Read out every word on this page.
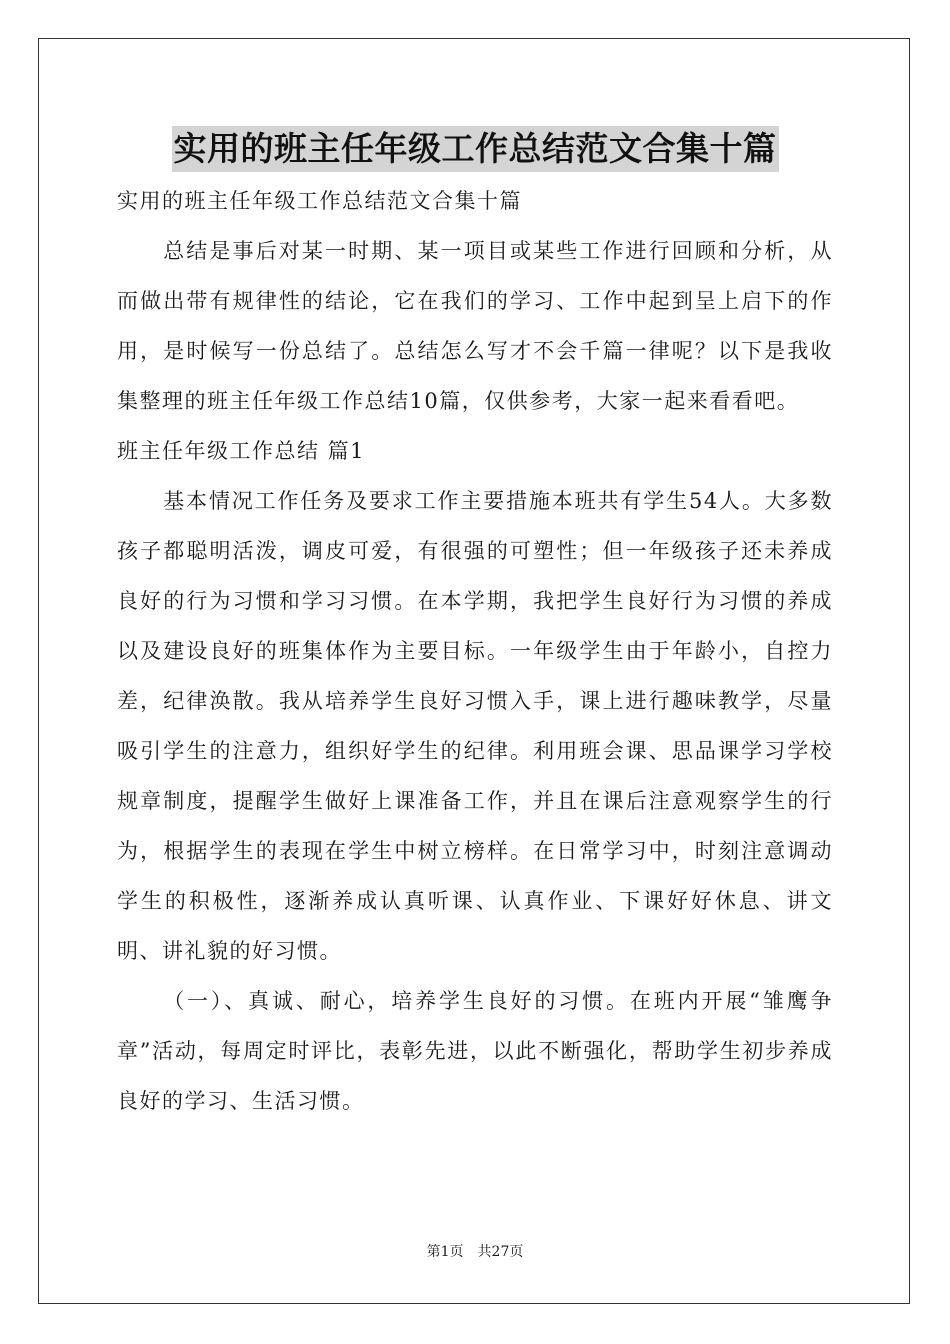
实用的班主任年级工作总结范文合集十篇

实用的班主任年级工作总结范文合集十篇

总结是事后对某一时期、某一项目或某些工作进行回顾和分析，从而做出带有规律性的结论，它在我们的学习、工作中起到呈上启下的作用，是时候写一份总结了。总结怎么写才不会千篇一律呢？以下是我收集整理的班主任年级工作总结10篇，仅供参考，大家一起来看看吧。

班主任年级工作总结 篇1

基本情况工作任务及要求工作主要措施本班共有学生54人。大多数孩子都聪明活泼，调皮可爱，有很强的可塑性；但一年级孩子还未养成良好的行为习惯和学习习惯。在本学期，我把学生良好行为习惯的养成以及建设良好的班集体作为主要目标。一年级学生由于年龄小，自控力差，纪律涣散。我从培养学生良好习惯入手，课上进行趣味教学，尽量吸引学生的注意力，组织好学生的纪律。利用班会课、思品课学习学校规章制度，提醒学生做好上课准备工作，并且在课后注意观察学生的行为，根据学生的表现在学生中树立榜样。在日常学习中，时刻注意调动学生的积极性，逐渐养成认真听课、认真作业、下课好好休息、讲文明、讲礼貌的好习惯。

（一）、真诚、耐心，培养学生良好的习惯。在班内开展“雏鹰争章”活动，每周定时评比，表彰先进，以此不断强化，帮助学生初步养成良好的学习、生活习惯。

第1页 共27页
